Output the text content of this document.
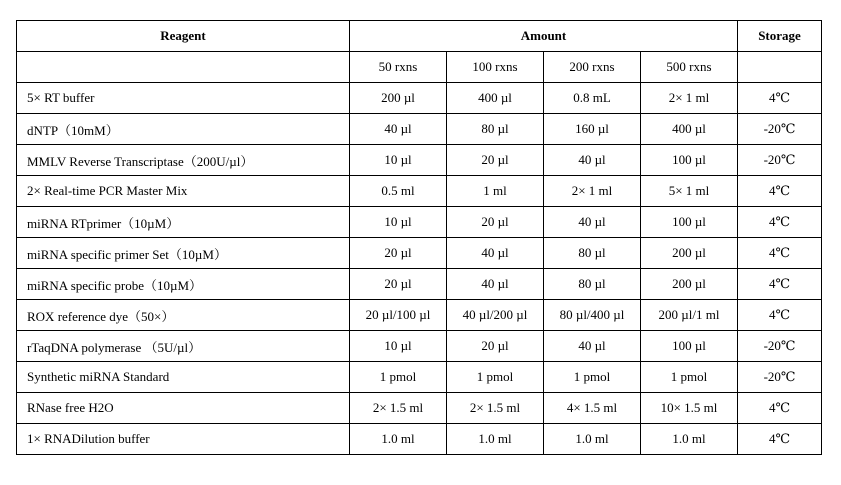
Reagent	Amount				Storage
	50 rxns	100 rxns	200 rxns	500 rxns	
5× RT buffer	200 µl	400 µl	0.8 mL	2× 1 ml	4℃
dNTP（10mM）	40 µl	80 µl	160 µl	400 µl	-20℃
MMLV Reverse Transcriptase（200U/µl）	10 µl	20 µl	40 µl	100 µl	-20℃
2× Real-time PCR Master Mix	0.5 ml	1 ml	2× 1 ml	5× 1 ml	4℃
miRNA RTprimer（10µM）	10 µl	20 µl	40 µl	100 µl	4℃
miRNA specific primer Set（10µM）	20 µl	40 µl	80 µl	200 µl	4℃
miRNA specific probe（10µM）	20 µl	40 µl	80 µl	200 µl	4℃
ROX reference dye（50×）	20 µl/100 µl	40 µl/200 µl	80 µl/400 µl	200 µl/1 ml	4℃
rTaqDNA polymerase （5U/µl）	10 µl	20 µl	40 µl	100 µl	-20℃
Synthetic miRNA Standard	1 pmol	1 pmol	1 pmol	1 pmol	-20℃
RNase free H2O	2× 1.5 ml	2× 1.5 ml	4× 1.5 ml	10× 1.5 ml	4℃
1× RNADilution buffer	1.0 ml	1.0 ml	1.0 ml	1.0 ml	4℃
